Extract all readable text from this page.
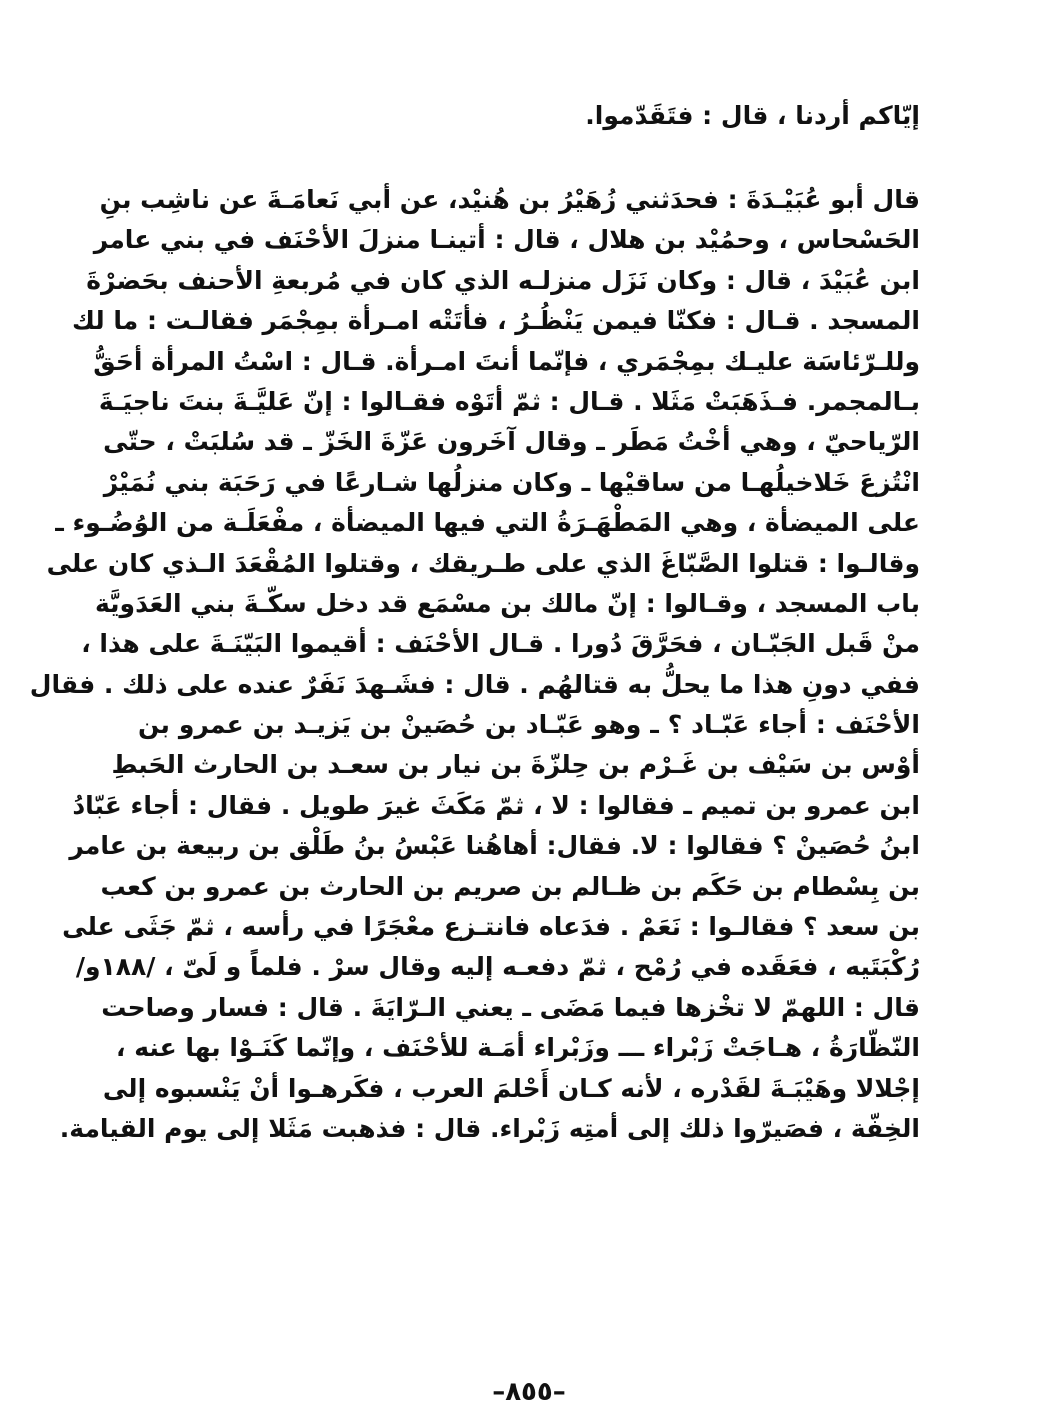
إيّاكم أردنا ، قال : فتَقَدّموا.
قال أبو عُبَيْـدَةَ : فحدَثني زُهَيْرُ بن هُنيْد، عن أبي نَعامَـةَ عن ناشِب بنِ
الحَسْحاس ، وحمُيْد بن هلال ، قال : أتينـا منزلَ الأحْنَف في بني عامر
ابن عُبَيْدَ ، قال : وكان نَزَل منزلـه الذي كان في مُربعةِ الأحنف بحَضرْةَ
المسجد . قـال : فكنّا فيمن يَنْظُـرُ ، فأتَتْه امـرأة بمِجْمَر فقالـت : ما لك
وللـرّئاسَة عليـك بمِجْمَري ، فإنّما أنتَ امـرأة. قـال : اسْتُ المرأة أحَقُّ
بـالمجمر. فـذَهَبَتْ مَثَلا . قـال : ثمّ أتَوْه فقـالوا : إنّ عَليَّـةَ بنتَ ناجيَـةَ
الرّياحيّ ، وهي أخْتُ مَطَر ـ وقال آخَرون عَزّةَ الخَزّ ـ قد سُلبَتْ ، حتّى
انْتُزعَ خَلاخيلُهـا من ساقيْها ـ وكان منزلُها شـارعًا في رَحَبَة بني نُمَيْرْ
على الميضأة ، وهي المَطْهَـرَةُ التي فيها الميضأة ، مفْعَلَـة من الوُضُـوء ـ
وقالـوا : قتلوا الصَّبّاغَ الذي على طـريقك ، وقتلوا المُقْعَدَ الـذي كان على
باب المسجد ، وقـالوا : إنّ مالك بن مسْمَع قد دخل سكّـةَ بني العَدَويَّة
منْ قَبل الجَبّـان ، فحَرَّقَ دُورا . قـال الأحْنَف : أقيموا البَيّنَـةَ على هذا ،
ففي دونِ هذا ما يحلُّ به قتالهُم . قال : فشَـهدَ نَفَرٌ عنده على ذلك . فقال
الأحْنَف : أجاء عَبّـاد ؟ ـ وهو عَبّـاد بن حُصَينْ بن يَزيـد بن عمرو بن
أوْس بن سَيْف بن غَـرْم بن حِلزّةَ بن نيار بن سعـد بن الحارث الحَبطِ
ابن عمرو بن تميم ـ فقالوا : لا ، ثمّ مَكَثَ غيرَ طويل . فقال : أجاء عَبّادُ
ابنُ حُصَينْ ؟ فقالوا : لا. فقال: أهاهُنا عَبْسُ بنُ طَلْق بن ربيعة بن عامر
بن بِسْطام بن حَكَم بن ظـالم بن صريم بن الحارث بن عمرو بن كعب
بن سعد ؟ فقالـوا : نَعَمْ . فدَعاه فانتـزع معْجَرًا في رأسه ، ثمّ جَثَى على
رُكْبَتَيه ، فعَقَده في رُمْح ، ثمّ دفعـه إليه وقال سرْ . فلماً و لَىّ ، /١٨٨و/
قال : اللهمّ لا تخْزها فيما مَضَى ـ يعني الـرّايَةَ . قال : فسار وصاحت
النّظّارَةُ ، هـاجَتْ زَبْراء ـــ وزَبْراء أمَـة للأحْنَف ، وإنّما كَنَـوْا بها عنه ،
إجْلالا وهَيْبَـةَ لقَدْره ، لأنه كـان أَحْلمَ العرب ، فكَرهـوا أنْ يَنْسبوه إلى
الخِفّة ، فصَيرّوا ذلك إلى أمتِه زَبْراء. قال : فذهبت مَثَلا إلى يوم القيامة.
–٨٥٥–
